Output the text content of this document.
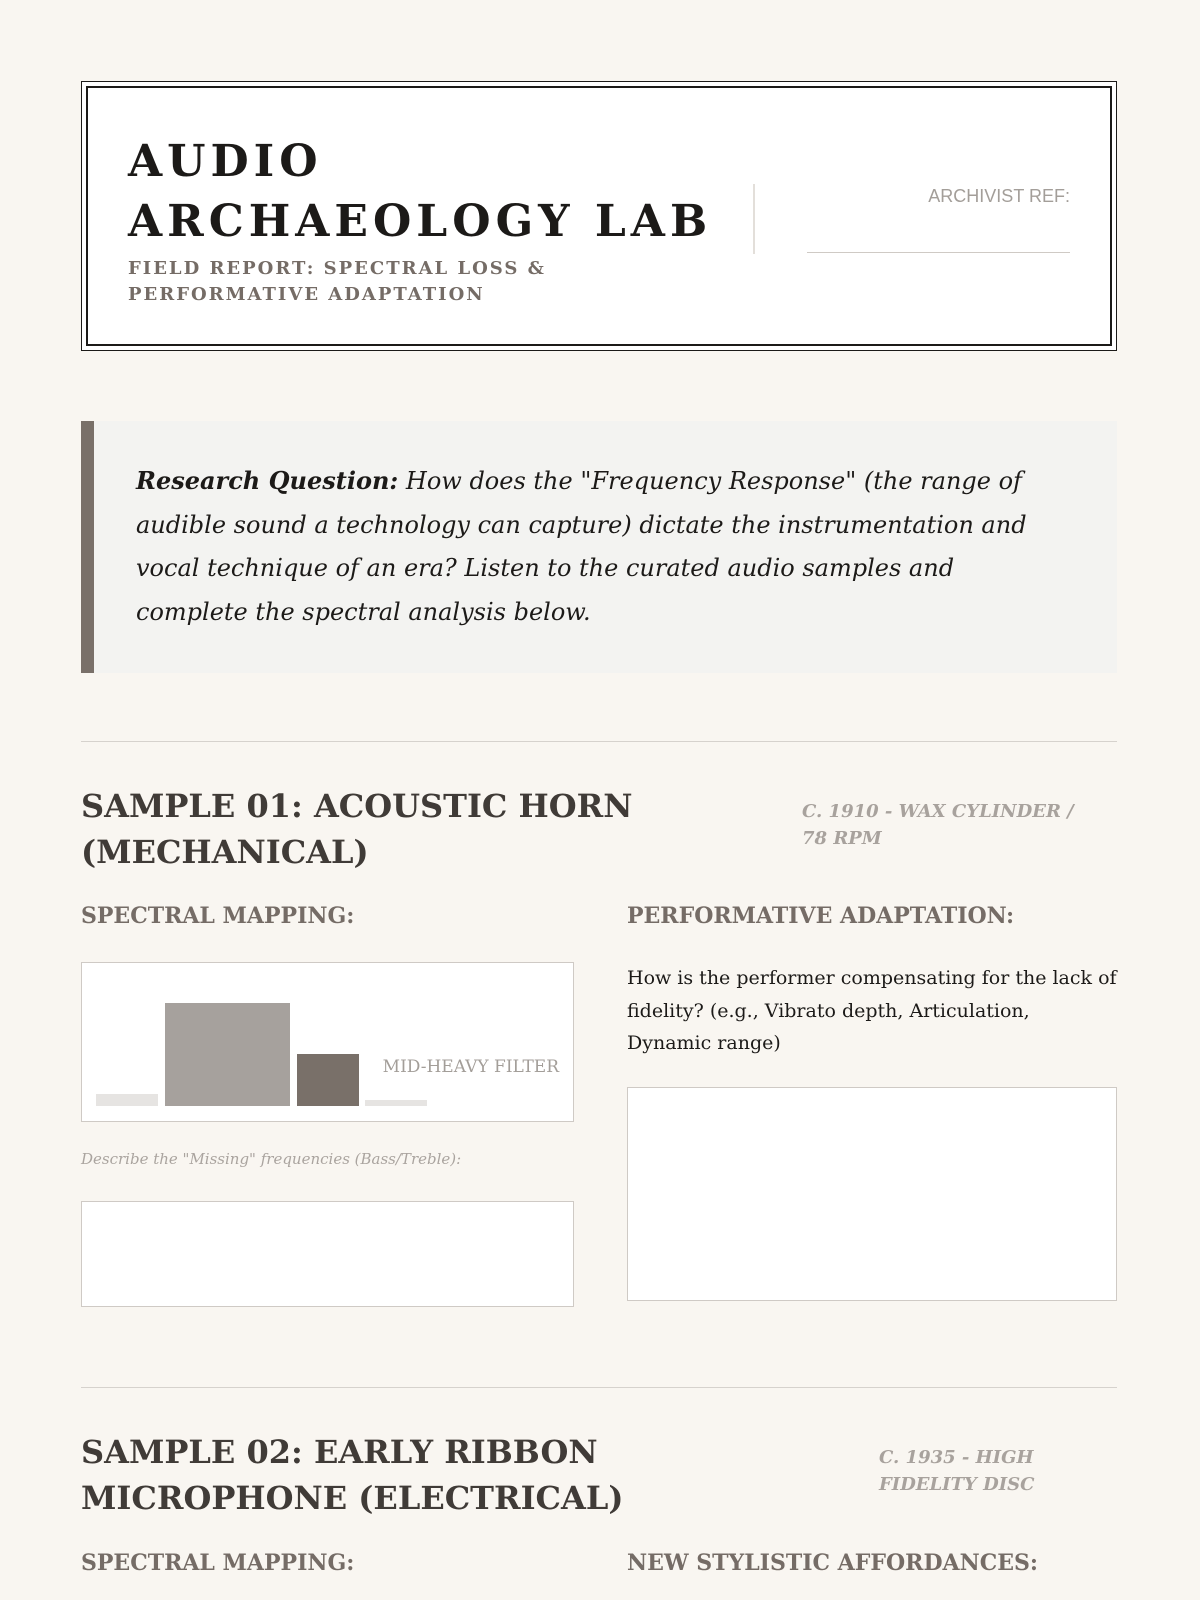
AUDIO ARCHAEOLOGY LAB

FIELD REPORT: SPECTRAL LOSS & PERFORMATIVE ADAPTATION

ARCHIVIST REF:

Research Question: How does the "Frequency Response" (the range of audible sound a technology can capture) dictate the instrumentation and vocal technique of an era? Listen to the curated audio samples and complete the spectral analysis below.

SAMPLE 01: ACOUSTIC HORN (MECHANICAL)
C. 1910 - WAX CYLINDER / 78 RPM
SPECTRAL MAPPING:	PERFORMATIVE ADAPTATION:
MID-HEAVY FILTER
Describe the "Missing" frequencies (Bass/Treble):

How is the performer compensating for the lack of fidelity? (e.g., Vibrato depth, Articulation, Dynamic range)

SAMPLE 02: EARLY RIBBON MICROPHONE (ELECTRICAL)
C. 1935 - HIGH FIDELITY DISC
SPECTRAL MAPPING:	NEW STYLISTIC AFFORDANCES:
